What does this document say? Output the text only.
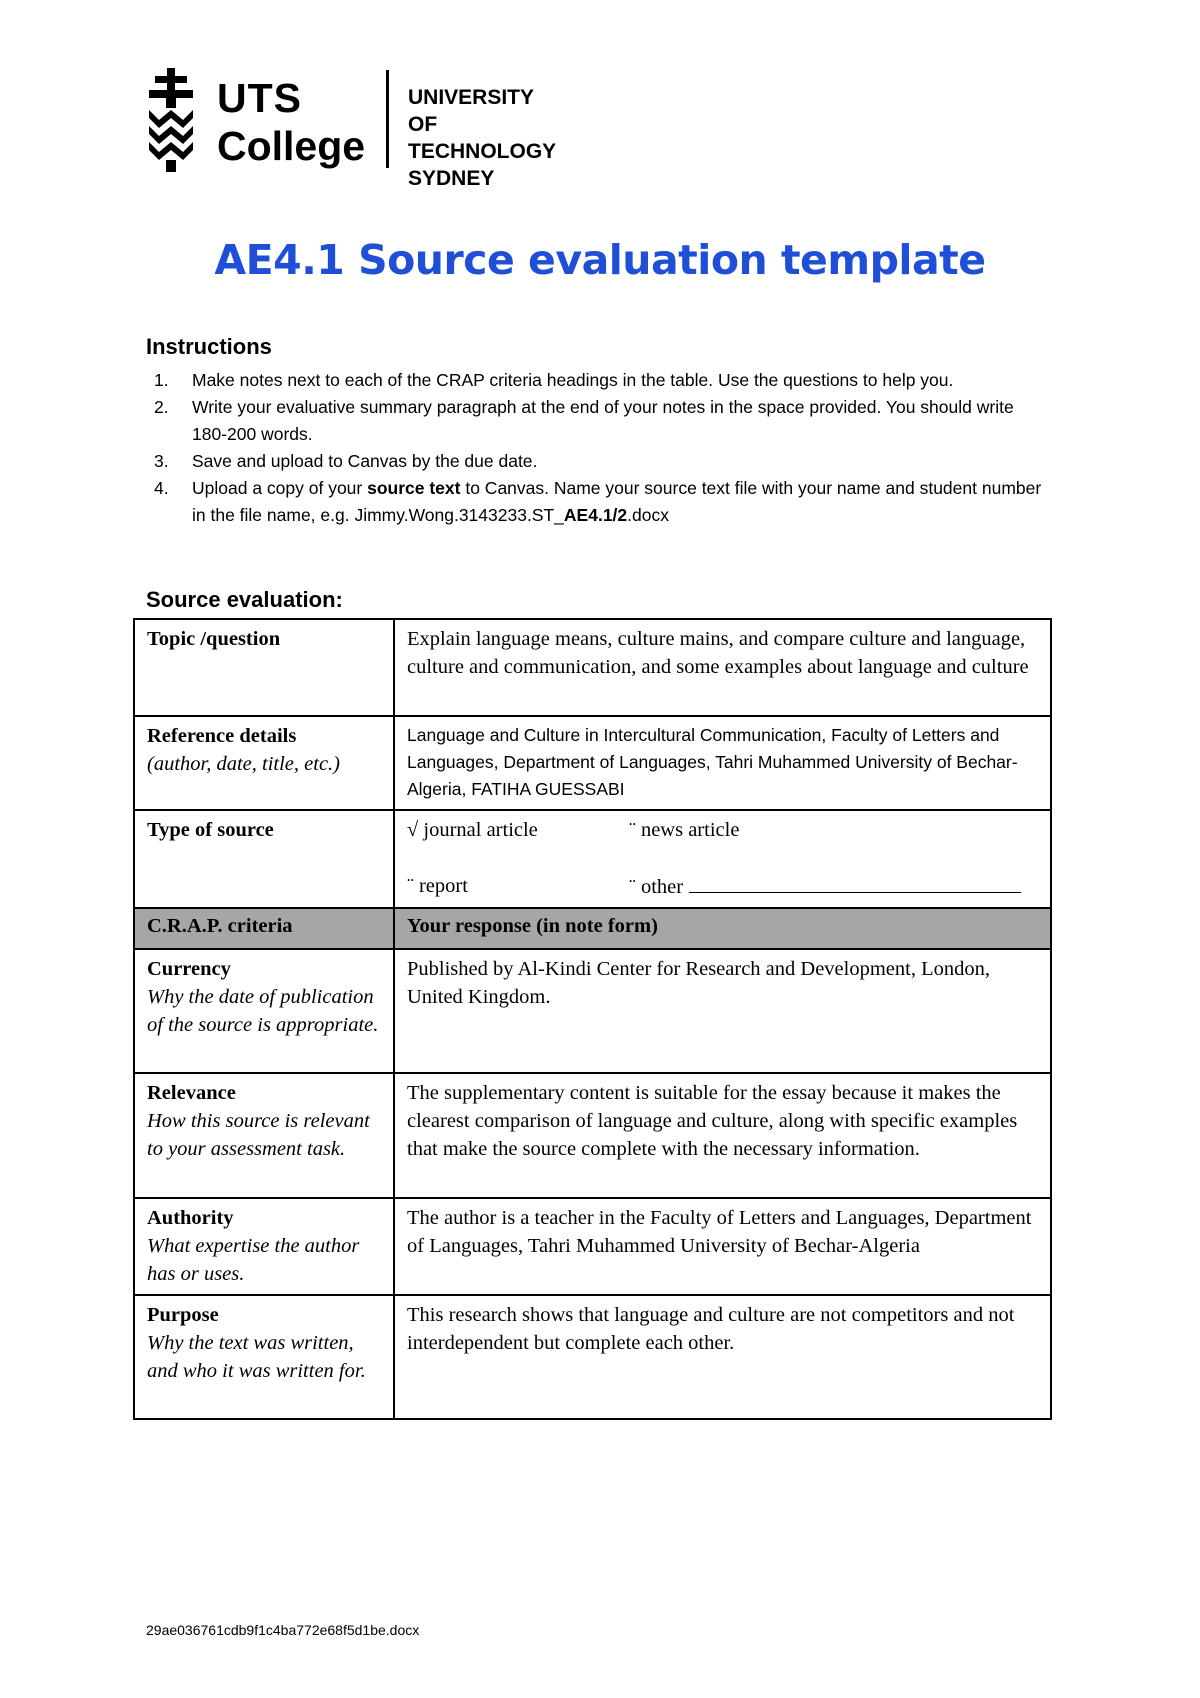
UTS
College
UNIVERSITY
OF TECHNOLOGY
SYDNEY
AE4.1 Source evaluation template
Instructions
1. Make notes next to each of the CRAP criteria headings in the table. Use the questions to help you.
2. Write your evaluative summary paragraph at the end of your notes in the space provided. You should write 180-200 words.
3. Save and upload to Canvas by the due date.
4. Upload a copy of your source text to Canvas. Name your source text file with your name and student number in the file name, e.g. Jimmy.Wong.3143233.ST_AE4.1/2.docx
Source evaluation:
Topic /question	Explain language means, culture mains, and compare culture and language, culture and communication, and some examples about language and culture

Reference details
(author, date, title, etc.)	Language and Culture in Intercultural Communication, Faculty of Letters and Languages, Department of Languages, Tahri Muhammed University of Bechar-Algeria, FATIHA GUESSABI
Type of source	√ journal article ¨ news article
¨ report ¨ other

C.R.A.P. criteria	Your response (in note form)

Currency
Why the date of publication of the source is appropriate.	Published by Al-Kindi Center for Research and Development, London, United Kingdom.

Relevance
How this source is relevant to your assessment task.	The supplementary content is suitable for the essay because it makes the clearest comparison of language and culture, along with specific examples that make the source complete with the necessary information.

Authority
What expertise the author has or uses.	The author is a teacher in the Faculty of Letters and Languages, Department of Languages, Tahri Muhammed University of Bechar-Algeria

Purpose
Why the text was written, and who it was written for.	This research shows that language and culture are not competitors and not interdependent but complete each other.
29ae036761cdb9f1c4ba772e68f5d1be.docx
